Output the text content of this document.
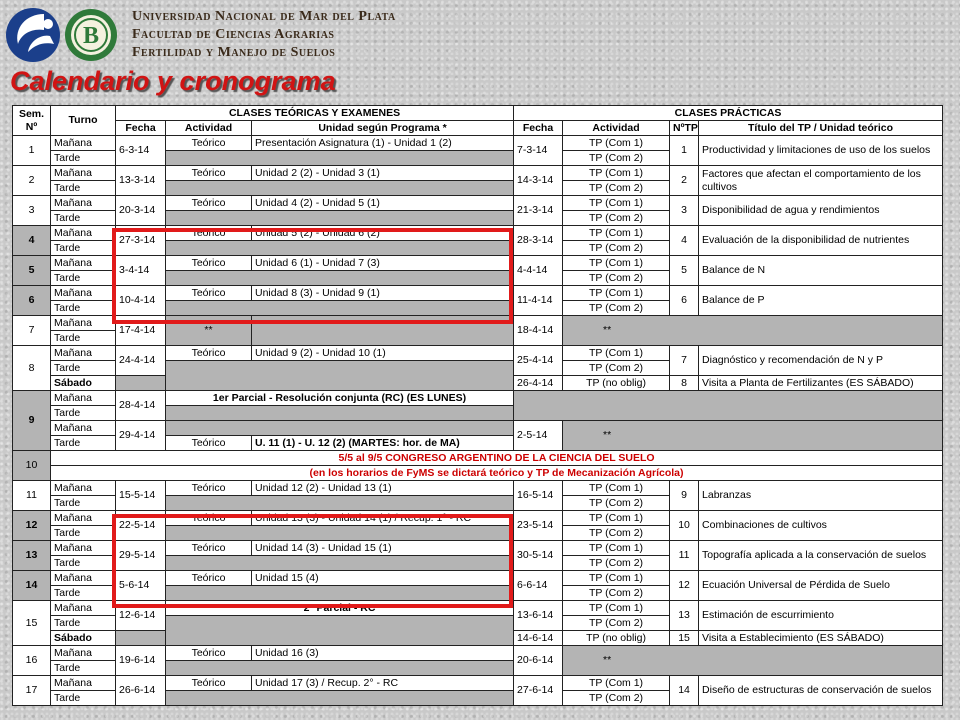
B
Universidad Nacional de Mar del Plata
Facultad de Ciencias Agrarias
Fertilidad y Manejo de Suelos
Calendario y cronograma
Sem. Nº	Turno	CLASES TEÓRICAS Y EXAMENES			CLASES PRÁCTICAS			
		Fecha	Actividad	Unidad según Programa *	Fecha	Actividad	NºTP	Título del TP / Unidad teórico
1	Mañana	6-3-14	Teórico	Presentación Asignatura (1) - Unidad 1 (2)	7-3-14	TP (Com 1)	1	Productividad y limitaciones de uso de los suelos
	Tarde					TP (Com 2)		
2	Mañana	13-3-14	Teórico	Unidad 2 (2) - Unidad 3 (1)	14-3-14	TP (Com 1)	2	Factores que afectan el comportamiento de los cultivos
	Tarde					TP (Com 2)		
3	Mañana	20-3-14	Teórico	Unidad 4 (2) - Unidad 5 (1)	21-3-14	TP (Com 1)	3	Disponibilidad de agua y rendimientos
	Tarde					TP (Com 2)		
4	Mañana	27-3-14	Teórico	Unidad 5 (2) - Unidad 6 (2)	28-3-14	TP (Com 1)	4	Evaluación de la disponibilidad de nutrientes
	Tarde					TP (Com 2)		
5	Mañana	3-4-14	Teórico	Unidad 6 (1) - Unidad 7 (3)	4-4-14	TP (Com 1)	5	Balance de N
	Tarde					TP (Com 2)		
6	Mañana	10-4-14	Teórico	Unidad 8 (3) - Unidad 9 (1)	11-4-14	TP (Com 1)	6	Balance de P
	Tarde					TP (Com 2)		
7	Mañana	17-4-14	**		18-4-14	**		
	Tarde							
8	Mañana	24-4-14	Teórico	Unidad 9 (2) - Unidad 10 (1)	25-4-14	TP (Com 1)	7	Diagnóstico y recomendación de N y P
	Tarde					TP (Com 2)		
	Sábado				26-4-14	TP (no oblig)	8	Visita a Planta de Fertilizantes (ES SÁBADO)
9	Mañana	28-4-14	1er Parcial - Resolución conjunta (RC) (ES LUNES)					
	Tarde							
	Mañana	29-4-14			2-5-14	**		
	Tarde		Teórico	U. 11 (1) - U. 12 (2) (MARTES: hor. de MA)				
10	5/5 al 9/5 CONGRESO ARGENTINO DE LA CIENCIA DEL SUELO							
	(en los horarios de FyMS se dictará teórico y TP de Mecanización Agrícola)							
11	Mañana	15-5-14	Teórico	Unidad 12 (2) - Unidad 13 (1)	16-5-14	TP (Com 1)	9	Labranzas
	Tarde					TP (Com 2)		
12	Mañana	22-5-14	Teórico	Unidad 13 (3) - Unidad 14 (1) / Recup. 1° - RC	23-5-14	TP (Com 1)	10	Combinaciones de cultivos
	Tarde					TP (Com 2)		
13	Mañana	29-5-14	Teórico	Unidad 14 (3) - Unidad 15 (1)	30-5-14	TP (Com 1)	11	Topografía aplicada a la conservación de suelos
	Tarde					TP (Com 2)		
14	Mañana	5-6-14	Teórico	Unidad 15 (4)	6-6-14	TP (Com 1)	12	Ecuación Universal de Pérdida de Suelo
	Tarde					TP (Com 2)		
15	Mañana	12-6-14	2° Parcial - RC		13-6-14	TP (Com 1)	13	Estimación de escurrimiento
	Tarde					TP (Com 2)		
	Sábado				14-6-14	TP (no oblig)	15	Visita a Establecimiento (ES SÁBADO)
16	Mañana	19-6-14	Teórico	Unidad 16 (3)	20-6-14	**		
	Tarde							
17	Mañana	26-6-14	Teórico	Unidad 17 (3) / Recup. 2° - RC	27-6-14	TP (Com 1)	14	Diseño de estructuras de conservación de suelos
	Tarde					TP (Com 2)		
